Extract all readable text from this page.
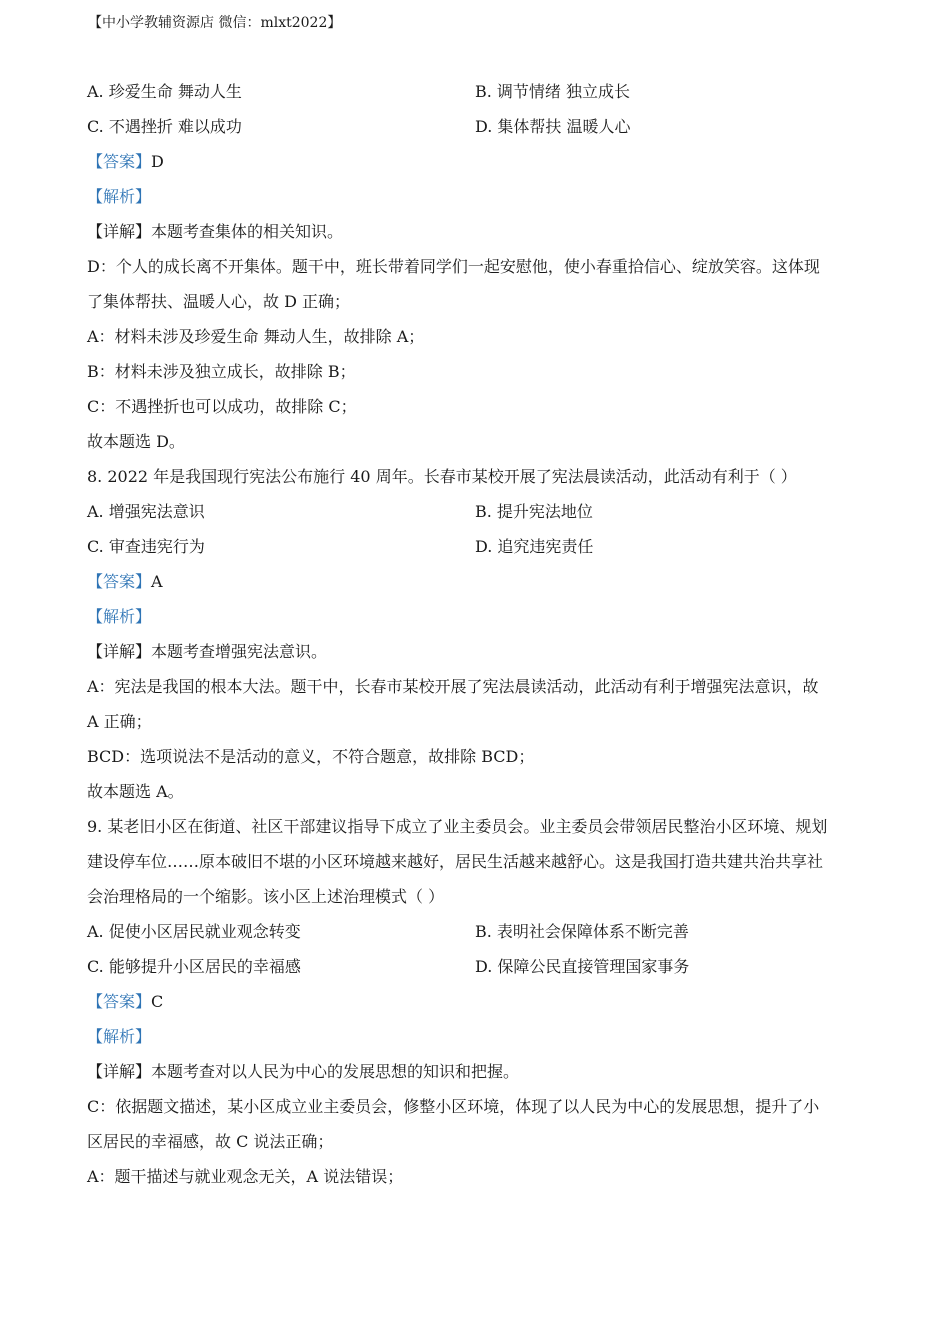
【中小学教辅资源店 微信：mlxt2022】
A. 珍爱生命 舞动人生	B. 调节情绪 独立成长
C. 不遇挫折 难以成功	D. 集体帮扶 温暖人心
【答案】D
【解析】
【详解】本题考查集体的相关知识。
D：个人的成长离不开集体。题干中，班长带着同学们一起安慰他，使小春重拾信心、绽放笑容。这体现
了集体帮扶、温暖人心，故 D 正确；
A：材料未涉及珍爱生命 舞动人生，故排除 A；
B：材料未涉及独立成长，故排除 B；
C：不遇挫折也可以成功，故排除 C；
故本题选 D。
8. 2022 年是我国现行宪法公布施行 40 周年。长春市某校开展了宪法晨读活动，此活动有利于（ ）
A. 增强宪法意识	B. 提升宪法地位
C. 审查违宪行为	D. 追究违宪责任
【答案】A
【解析】
【详解】本题考查增强宪法意识。
A：宪法是我国的根本大法。题干中，长春市某校开展了宪法晨读活动，此活动有利于增强宪法意识，故
A 正确；
BCD：选项说法不是活动的意义，不符合题意，故排除 BCD；
故本题选 A。
9. 某老旧小区在街道、社区干部建议指导下成立了业主委员会。业主委员会带领居民整治小区环境、规划
建设停车位……原本破旧不堪的小区环境越来越好，居民生活越来越舒心。这是我国打造共建共治共享社
会治理格局的一个缩影。该小区上述治理模式（ ）
A. 促使小区居民就业观念转变	B. 表明社会保障体系不断完善
C. 能够提升小区居民的幸福感	D. 保障公民直接管理国家事务
【答案】C
【解析】
【详解】本题考查对以人民为中心的发展思想的知识和把握。
C：依据题文描述，某小区成立业主委员会，修整小区环境，体现了以人民为中心的发展思想，提升了小
区居民的幸福感，故 C 说法正确；
A：题干描述与就业观念无关，A 说法错误；
